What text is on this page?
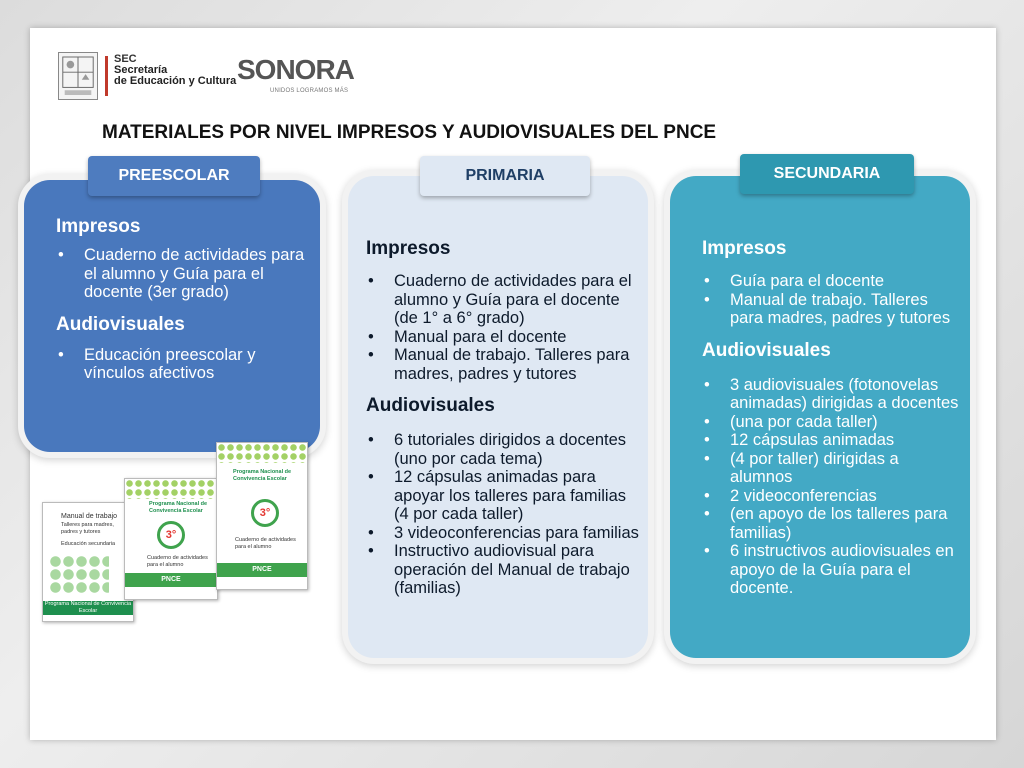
SEC
Secretaría
de Educación y Cultura SONORA
UNIDOS LOGRAMOS MÁS
MATERIALES POR NIVEL IMPRESOS Y AUDIOVISUALES DEL PNCE
Impresos
• Cuaderno de actividades para el alumno y Guía para el docente (3er grado)
Audiovisuales
• Educación preescolar y vínculos afectivos
PREESCOLAR
Impresos
• Cuaderno de actividades para el alumno y Guía para el docente (de 1° a 6° grado)
• Manual para el docente
• Manual de trabajo. Talleres para madres, padres y tutores
Audiovisuales
• 6 tutoriales dirigidos a docentes
(uno por cada tema)
• 12 cápsulas animadas para apoyar los talleres para familias (4 por cada taller)
• 3 videoconferencias para familias
• Instructivo audiovisual para operación del Manual de trabajo (familias)
PRIMARIA
Impresos
• Guía para el docente
• Manual de trabajo. Talleres para madres, padres y tutores
Audiovisuales
• 3 audiovisuales (fotonovelas animadas) dirigidas a docentes
• (una por cada taller)
• 12 cápsulas animadas
• (4 por taller) dirigidas a alumnos
• 2 videoconferencias
• (en apoyo de los talleres para familias)
• 6 instructivos audiovisuales en apoyo de la Guía para el docente.
SECUNDARIA
Manual de trabajo
Talleres para madres, padres y tutores
Educación secundaria
Programa Nacional de Convivencia Escolar
Programa Nacional de Convivencia Escolar
3°
Cuaderno de actividades para el alumno
PNCE
Programa Nacional de Convivencia Escolar
3°
Cuaderno de actividades para el alumno
PNCE
